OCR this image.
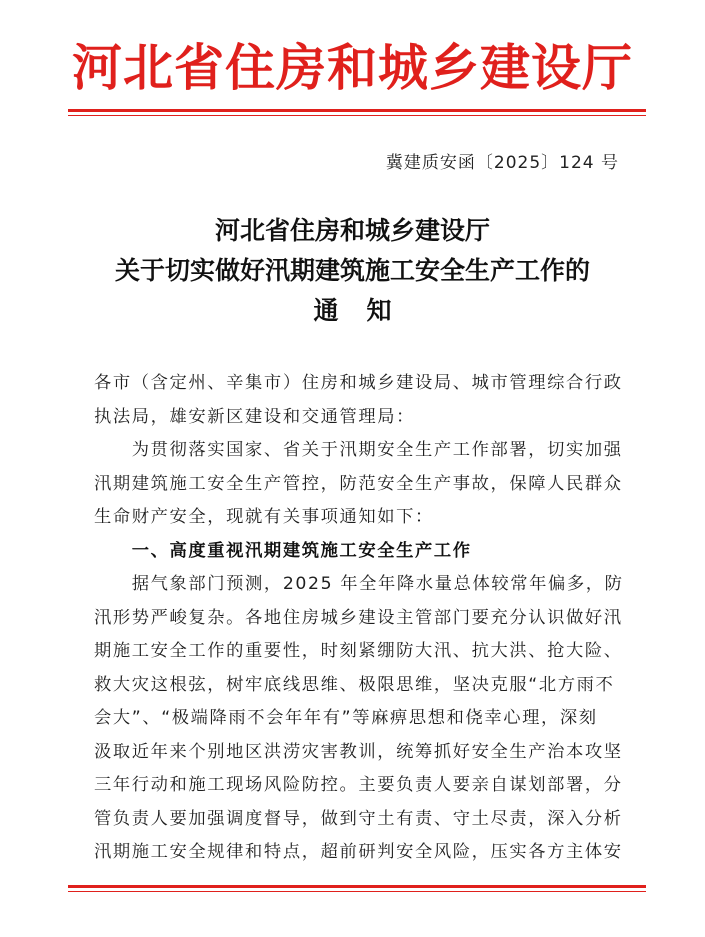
河北省住房和城乡建设厅
冀建质安函〔2025〕124 号
河北省住房和城乡建设厅
关于切实做好汛期建筑施工安全生产工作的
通知
各市（含定州、辛集市）住房和城乡建设局、城市管理综合行政
执法局，雄安新区建设和交通管理局：
　　为贯彻落实国家、省关于汛期安全生产工作部署，切实加强
汛期建筑施工安全生产管控，防范安全生产事故，保障人民群众
生命财产安全，现就有关事项通知如下：
　　一、高度重视汛期建筑施工安全生产工作
　　据气象部门预测，2025 年全年降水量总体较常年偏多，防
汛形势严峻复杂。各地住房城乡建设主管部门要充分认识做好汛
期施工安全工作的重要性，时刻紧绷防大汛、抗大洪、抢大险、
救大灾这根弦，树牢底线思维、极限思维，坚决克服“北方雨不
会大”、“极端降雨不会年年有”等麻痹思想和侥幸心理，深刻
汲取近年来个别地区洪涝灾害教训，统筹抓好安全生产治本攻坚
三年行动和施工现场风险防控。主要负责人要亲自谋划部署，分
管负责人要加强调度督导，做到守土有责、守土尽责，深入分析
汛期施工安全规律和特点，超前研判安全风险，压实各方主体安
